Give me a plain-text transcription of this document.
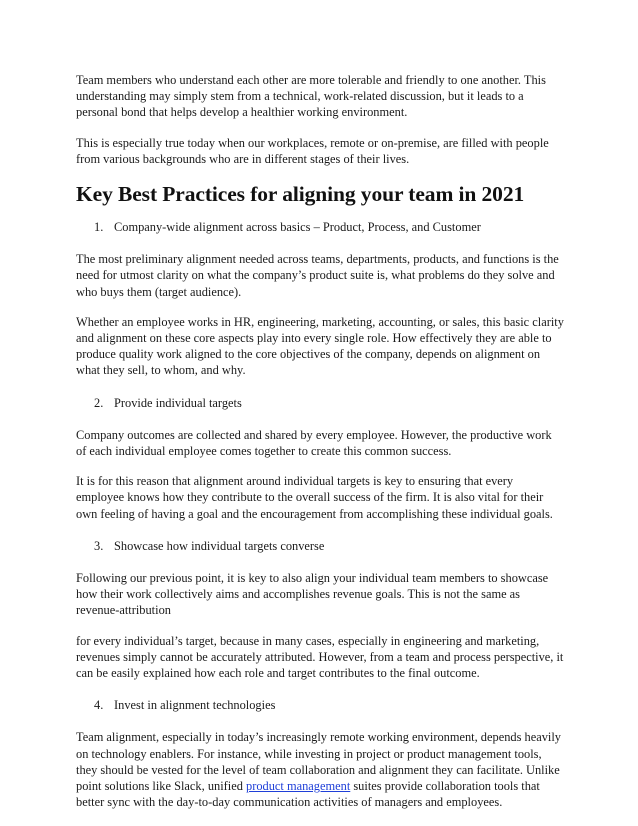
Team members who understand each other are more tolerable and friendly to one another. This understanding may simply stem from a technical, work-related discussion, but it leads to a personal bond that helps develop a healthier working environment.

This is especially true today when our workplaces, remote or on-premise, are filled with people from various backgrounds who are in different stages of their lives.

Key Best Practices for aligning your team in 2021
1. Company-wide alignment across basics – Product, Process, and Customer

The most preliminary alignment needed across teams, departments, products, and functions is the need for utmost clarity on what the company’s product suite is, what problems do they solve and who buys them (target audience).

Whether an employee works in HR, engineering, marketing, accounting, or sales, this basic clarity and alignment on these core aspects play into every single role. How effectively they are able to produce quality work aligned to the core objectives of the company, depends on alignment on what they sell, to whom, and why.

2. Provide individual targets

Company outcomes are collected and shared by every employee. However, the productive work of each individual employee comes together to create this common success.

It is for this reason that alignment around individual targets is key to ensuring that every employee knows how they contribute to the overall success of the firm. It is also vital for their own feeling of having a goal and the encouragement from accomplishing these individual goals.

3. Showcase how individual targets converse

Following our previous point, it is key to also align your individual team members to showcase how their work collectively aims and accomplishes revenue goals. This is not the same as revenue-attribution

for every individual’s target, because in many cases, especially in engineering and marketing, revenues simply cannot be accurately attributed. However, from a team and process perspective, it can be easily explained how each role and target contributes to the final outcome.

4. Invest in alignment technologies

Team alignment, especially in today’s increasingly remote working environment, depends heavily on technology enablers. For instance, while investing in project or product management tools, they should be vested for the level of team collaboration and alignment they can facilitate. Unlike point solutions like Slack, unified product management suites provide collaboration tools that better sync with the day-to-day communication activities of managers and employees.
